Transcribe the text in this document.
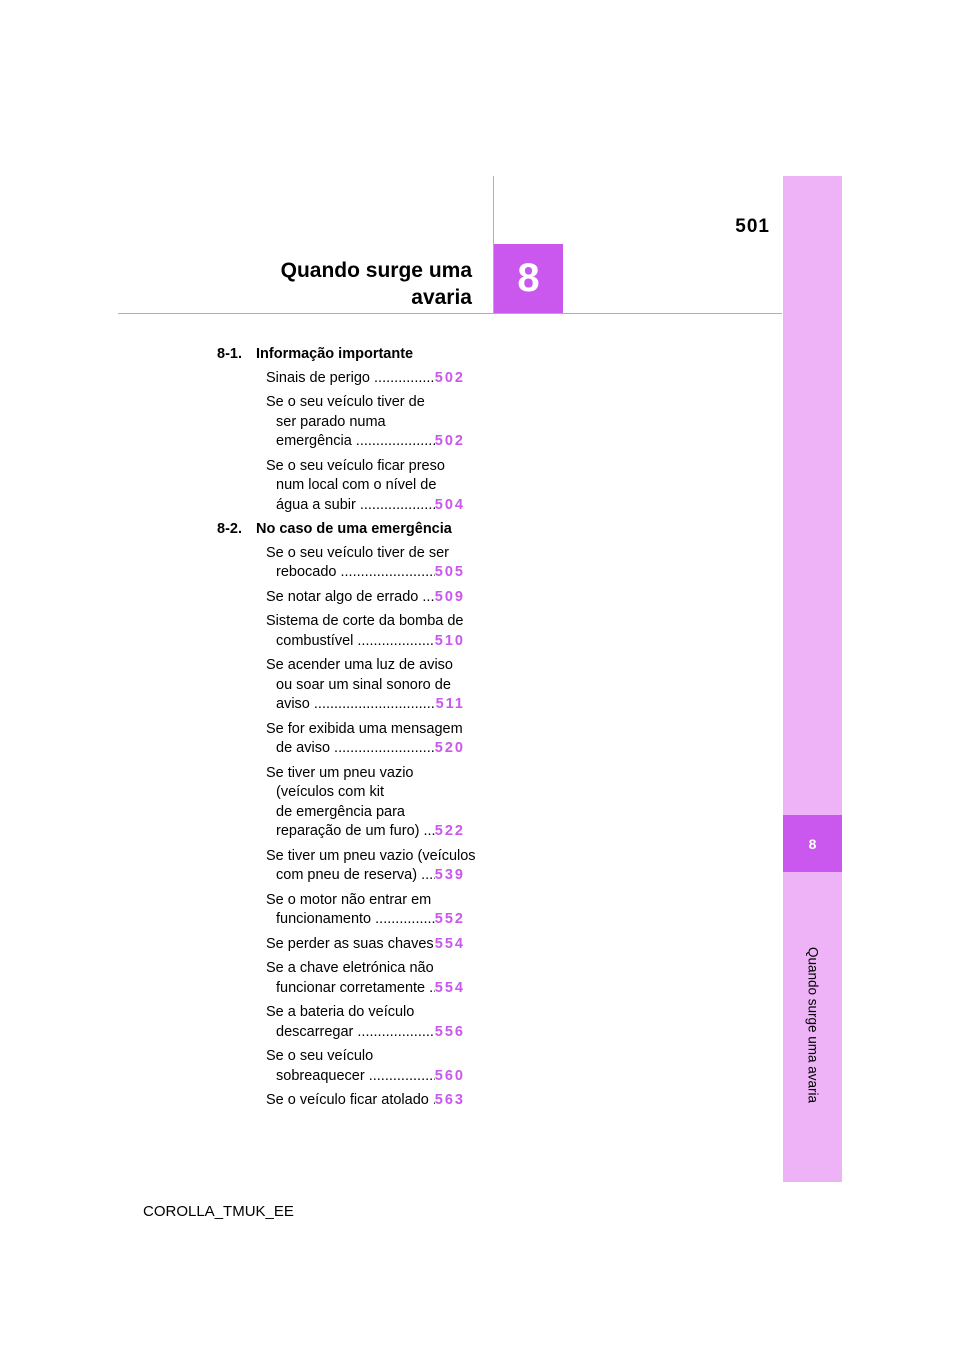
8
Quando surge uma avaria
501
8
Quando surge uma
avaria
8-1. Informação importante
Sinais de perigo .....	502
Se o seu veículo tiver de
ser parado numa
emergência .....	502
Se o seu veículo ficar preso
num local com o nível de
água a subir .....	504
8-2. No caso de uma emergência
Se o seu veículo tiver de ser
rebocado .....	505
Se notar algo de errado .....	509
Sistema de corte da bomba de
combustível .....	510
Se acender uma luz de aviso
ou soar um sinal sonoro de
aviso .....	511
Se for exibida uma mensagem
de aviso .....	520
Se tiver um pneu vazio
(veículos com kit
de emergência para
reparação de um furo) .....	522
Se tiver um pneu vazio (veículos
com pneu de reserva) .....	539
Se o motor não entrar em
funcionamento .....	552
Se perder as suas chaves ..... 554
Se a chave eletrónica não
funcionar corretamente ..... 554
Se a bateria do veículo
descarregar .....	556
Se o seu veículo
sobreaquecer .....	560
Se o veículo ficar atolado ..... 563
COROLLA_TMUK_EE
